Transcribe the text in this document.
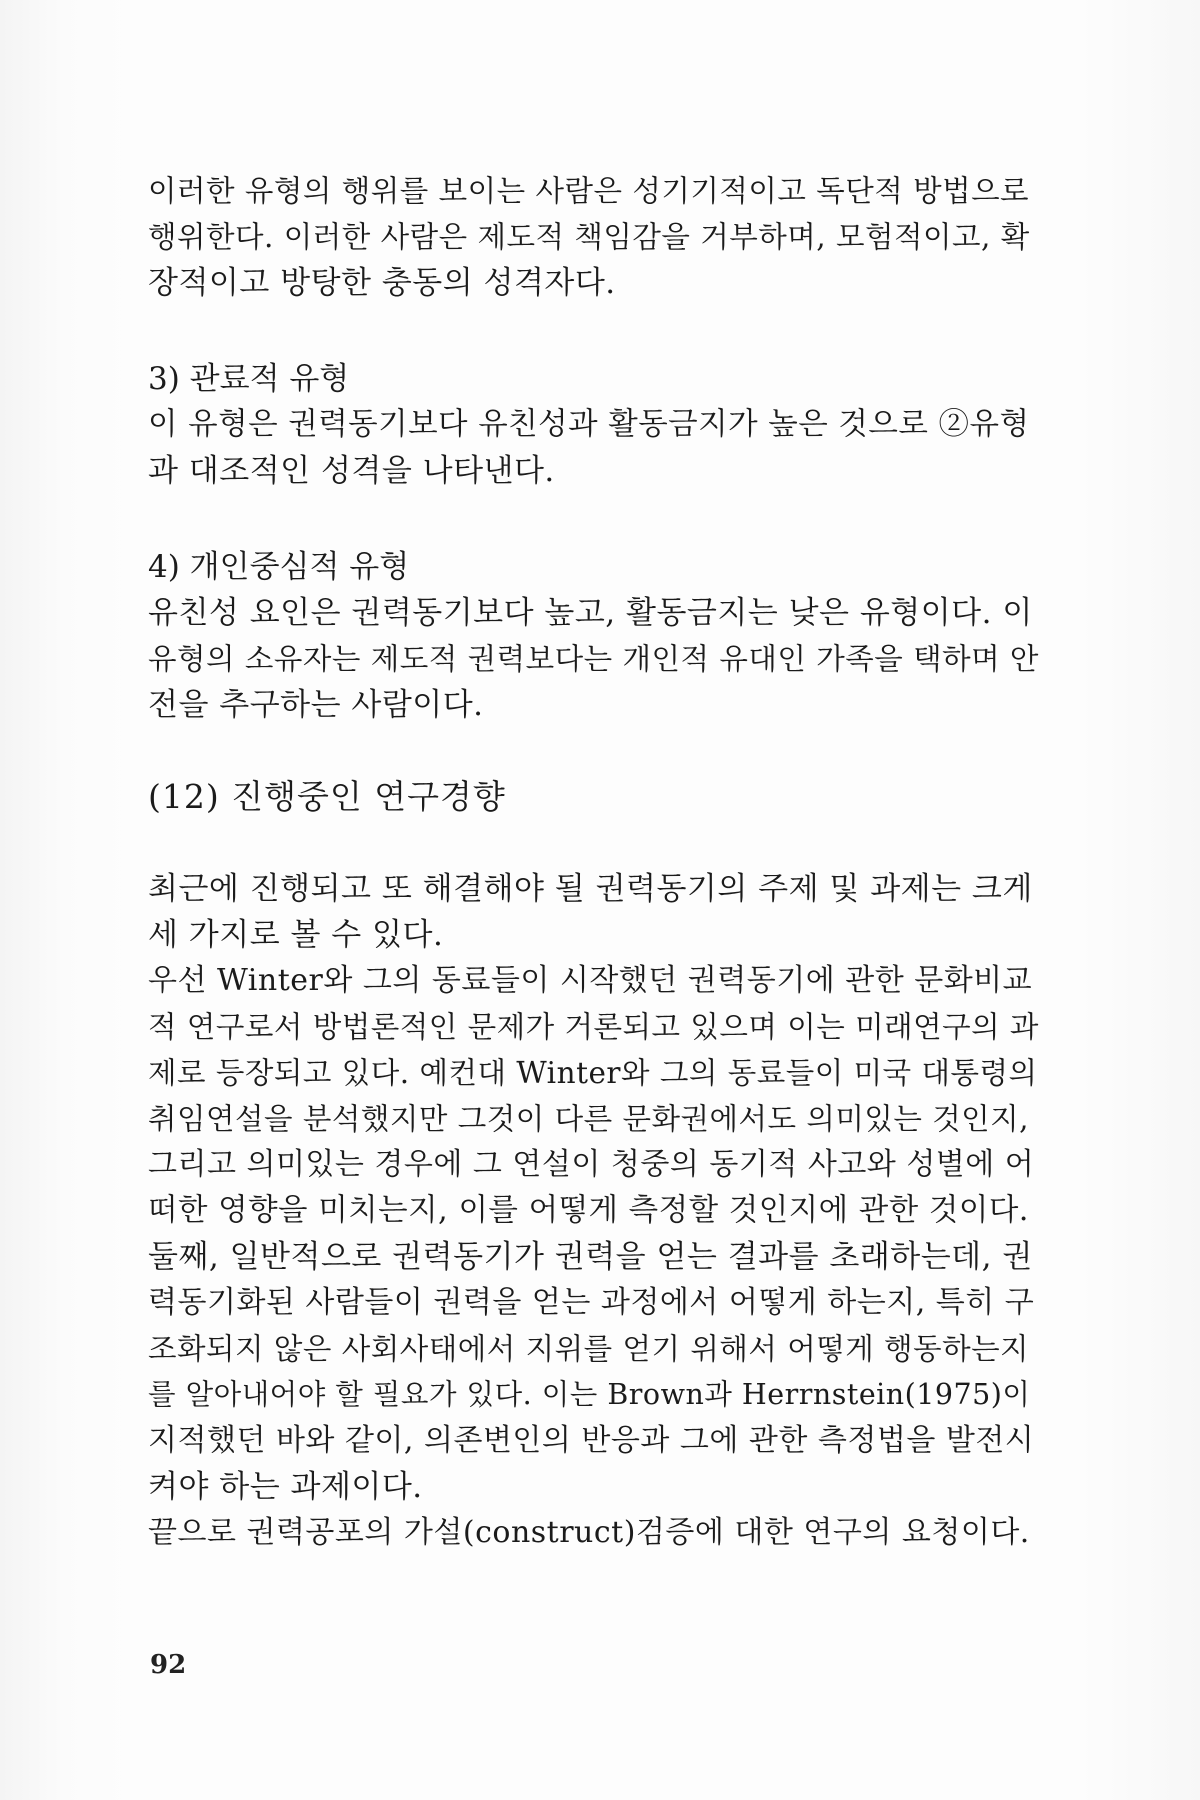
이러한 유형의 행위를 보이는 사람은 성기기적이고 독단적 방법으로
행위한다. 이러한 사람은 제도적 책임감을 거부하며, 모험적이고, 확
장적이고 방탕한 충동의 성격자다.
3) 관료적 유형
이 유형은 권력동기보다 유친성과 활동금지가 높은 것으로 ②유형
과 대조적인 성격을 나타낸다.
4) 개인중심적 유형
유친성 요인은 권력동기보다 높고, 활동금지는 낮은 유형이다. 이
유형의 소유자는 제도적 권력보다는 개인적 유대인 가족을 택하며 안
전을 추구하는 사람이다.
(12) 진행중인 연구경향
최근에 진행되고 또 해결해야 될 권력동기의 주제 및 과제는 크게
세 가지로 볼 수 있다.
우선 Winter와 그의 동료들이 시작했던 권력동기에 관한 문화비교
적 연구로서 방법론적인 문제가 거론되고 있으며 이는 미래연구의 과
제로 등장되고 있다. 예컨대 Winter와 그의 동료들이 미국 대통령의
취임연설을 분석했지만 그것이 다른 문화권에서도 의미있는 것인지,
그리고 의미있는 경우에 그 연설이 청중의 동기적 사고와 성별에 어
떠한 영향을 미치는지, 이를 어떻게 측정할 것인지에 관한 것이다.
둘째, 일반적으로 권력동기가 권력을 얻는 결과를 초래하는데, 권
력동기화된 사람들이 권력을 얻는 과정에서 어떻게 하는지, 특히 구
조화되지 않은 사회사태에서 지위를 얻기 위해서 어떻게 행동하는지
를 알아내어야 할 필요가 있다. 이는 Brown과 Herrnstein(1975)이
지적했던 바와 같이, 의존변인의 반응과 그에 관한 측정법을 발전시
켜야 하는 과제이다.
끝으로 권력공포의 가설(construct)검증에 대한 연구의 요청이다.
92
